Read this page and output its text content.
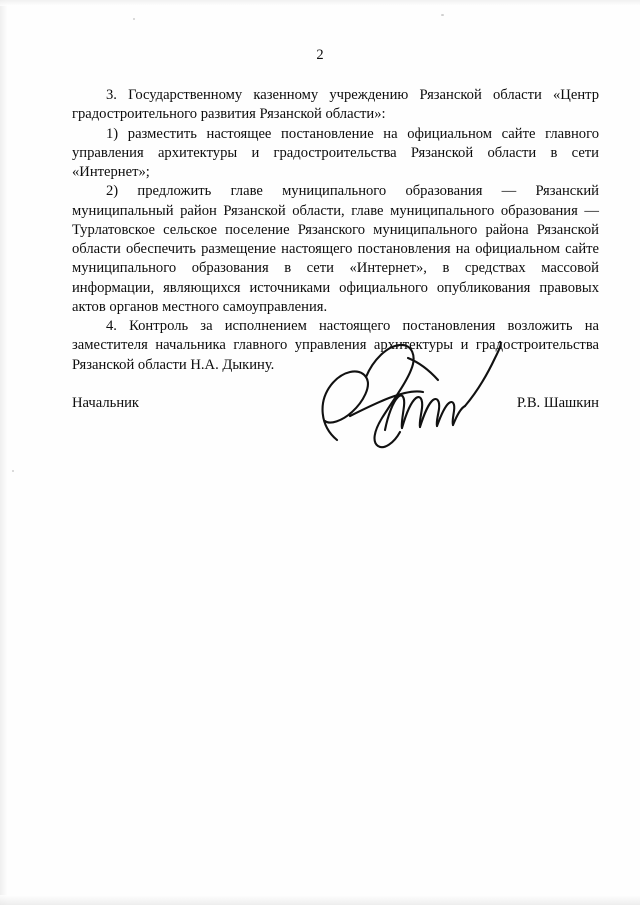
2

3. Государственному казенному учреждению Рязанской области «Центр градостроительного развития Рязанской области»:

1) разместить настоящее постановление на официальном сайте главного управления архитектуры и градостроительства Рязанской области в сети «Интернет»;

2) предложить главе муниципального образования — Рязанский муниципальный район Рязанской области, главе муниципального образования — Турлатовское сельское поселение Рязанского муниципального района Рязанской области обеспечить размещение настоящего постановления на официальном сайте муниципального образования в сети «Интернет», в средствах массовой информации, являющихся источниками официального опубликования правовых актов органов местного самоуправления.

4. Контроль за исполнением настоящего постановления возложить на заместителя начальника главного управления архитектуры и градостроительства Рязанской области Н.А. Дыкину.

Начальник	Р.В. Шашкин
